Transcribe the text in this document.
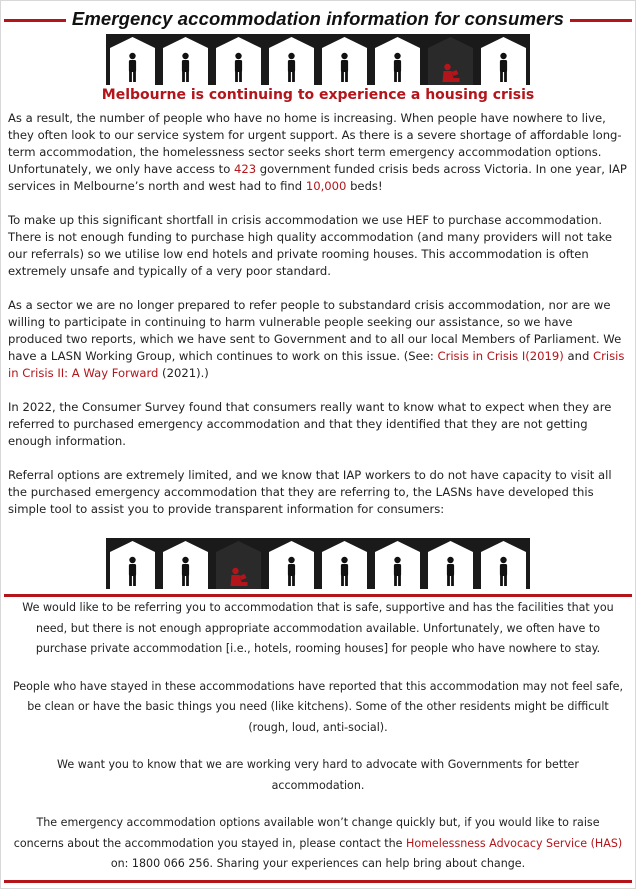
Emergency accommodation information for consumers
Melbourne is continuing to experience a housing crisis

As a result, the number of people who have no home is increasing. When people have nowhere to live, they often look to our service system for urgent support. As there is a severe shortage of affordable long-term accommodation, the homelessness sector seeks short term emergency accommodation options. Unfortunately, we only have access to 423 government funded crisis beds across Victoria. In one year, IAP services in Melbourne’s north and west had to find 10,000 beds!

To make up this significant shortfall in crisis accommodation we use HEF to purchase accommodation. There is not enough funding to purchase high quality accommodation (and many providers will not take our referrals) so we utilise low end hotels and private rooming houses. This accommodation is often extremely unsafe and typically of a very poor standard.

As a sector we are no longer prepared to refer people to substandard crisis accommodation, nor are we willing to participate in continuing to harm vulnerable people seeking our assistance, so we have produced two reports, which we have sent to Government and to all our local Members of Parliament. We have a LASN Working Group, which continues to work on this issue. (See: Crisis in Crisis I(2019) and Crisis in Crisis II: A Way Forward (2021).)

In 2022, the Consumer Survey found that consumers really want to know what to expect when they are referred to purchased emergency accommodation and that they identified that they are not getting enough information.

Referral options are extremely limited, and we know that IAP workers to do not have capacity to visit all the purchased emergency accommodation that they are referring to, the LASNs have developed this simple tool to assist you to provide transparent information for consumers:

We would like to be referring you to accommodation that is safe, supportive and has the facilities that you need, but there is not enough appropriate accommodation available. Unfortunately, we often have to purchase private accommodation [i.e., hotels, rooming houses] for people who have nowhere to stay.

People who have stayed in these accommodations have reported that this accommodation may not feel safe, be clean or have the basic things you need (like kitchens). Some of the other residents might be difficult (rough, loud, anti-social).

We want you to know that we are working very hard to advocate with Governments for better accommodation.

The emergency accommodation options available won’t change quickly but, if you would like to raise concerns about the accommodation you stayed in, please contact the Homelessness Advocacy Service (HAS) on: 1800 066 256. Sharing your experiences can help bring about change.
